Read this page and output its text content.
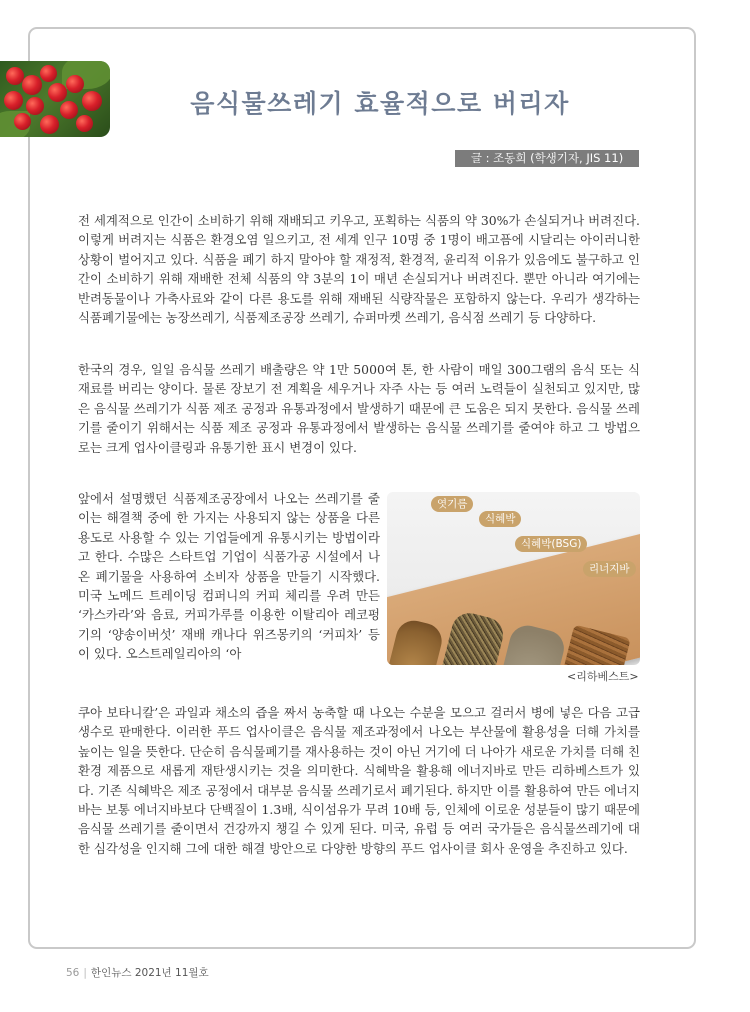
음식물쓰레기 효율적으로 버리자
글 : 조동희 (학생기자, JIS 11)

전 세계적으로 인간이 소비하기 위해 재배되고 키우고, 포획하는 식품의 약 30%가 손실되거나 버려진다. 이렇게 버려지는 식품은 환경오염 일으키고, 전 세계 인구 10명 중 1명이 배고픔에 시달리는 아이러니한 상황이 벌어지고 있다. 식품을 폐기 하지 말아야 할 재정적, 환경적, 윤리적 이유가 있음에도 불구하고 인간이 소비하기 위해 재배한 전체 식품의 약 3분의 1이 매년 손실되거나 버려진다. 뿐만 아니라 여기에는 반려동물이나 가축사료와 같이 다른 용도를 위해 재배된 식량작물은 포함하지 않는다. 우리가 생각하는 식품폐기물에는 농장쓰레기, 식품제조공장 쓰레기, 슈퍼마켓 쓰레기, 음식점 쓰레기 등 다양하다.

한국의 경우, 일일 음식물 쓰레기 배출량은 약 1만 5000여 톤, 한 사람이 매일 300그램의 음식 또는 식재료를 버리는 양이다. 물론 장보기 전 계획을 세우거나 자주 사는 등 여러 노력들이 실천되고 있지만, 많은 음식물 쓰레기가 식품 제조 공정과 유통과정에서 발생하기 때문에 큰 도움은 되지 못한다. 음식물 쓰레기를 줄이기 위해서는 식품 제조 공정과 유통과정에서 발생하는 음식물 쓰레기를 줄여야 하고 그 방법으로는 크게 업사이클링과 유통기한 표시 변경이 있다.

앞에서 설명했던 식품제조공장에서 나오는 쓰레기를 줄이는 해결책 중에 한 가지는 사용되지 않는 상품을 다른 용도로 사용할 수 있는 기업들에게 유통시키는 방법이라고 한다. 수많은 스타트업 기업이 식품가공 시설에서 나온 폐기물을 사용하여 소비자 상품을 만들기 시작했다. 미국 노메드 트레이딩 컴퍼니의 커피 체리를 우려 만든 ‘카스카라’와 음료, 커피가루를 이용한 이탈리아 레코펑기의 ‘양송이버섯’ 재배 캐나다 위즈몽키의 ‘커피차’ 등이 있다. 오스트레일리아의 ‘아

엿기름
식혜박
식혜박(BSG)
리너지바
<리하베스트>

쿠아 보타니칼’은 과일과 채소의 즙을 짜서 농축할 때 나오는 수분을 모으고 걸러서 병에 넣은 다음 고급생수로 판매한다. 이러한 푸드 업사이클은 음식물 제조과정에서 나오는 부산물에 활용성을 더해 가치를 높이는 일을 뜻한다. 단순히 음식물폐기를 재사용하는 것이 아닌 거기에 더 나아가 새로운 가치를 더해 친환경 제품으로 새롭게 재탄생시키는 것을 의미한다. 식혜박을 활용해 에너지바로 만든 리하베스트가 있다. 기존 식혜박은 제조 공정에서 대부분 음식물 쓰레기로서 폐기된다. 하지만 이를 활용하여 만든 에너지바는 보통 에너지바보다 단백질이 1.3배, 식이섬유가 무려 10배 등, 인체에 이로운 성분들이 많기 때문에 음식물 쓰레기를 줄이면서 건강까지 챙길 수 있게 된다. 미국, 유럽 등 여러 국가들은 음식물쓰레기에 대한 심각성을 인지해 그에 대한 해결 방안으로 다양한 방향의 푸드 업사이클 회사 운영을 추진하고 있다.

56 | 한인뉴스 2021년 11월호
